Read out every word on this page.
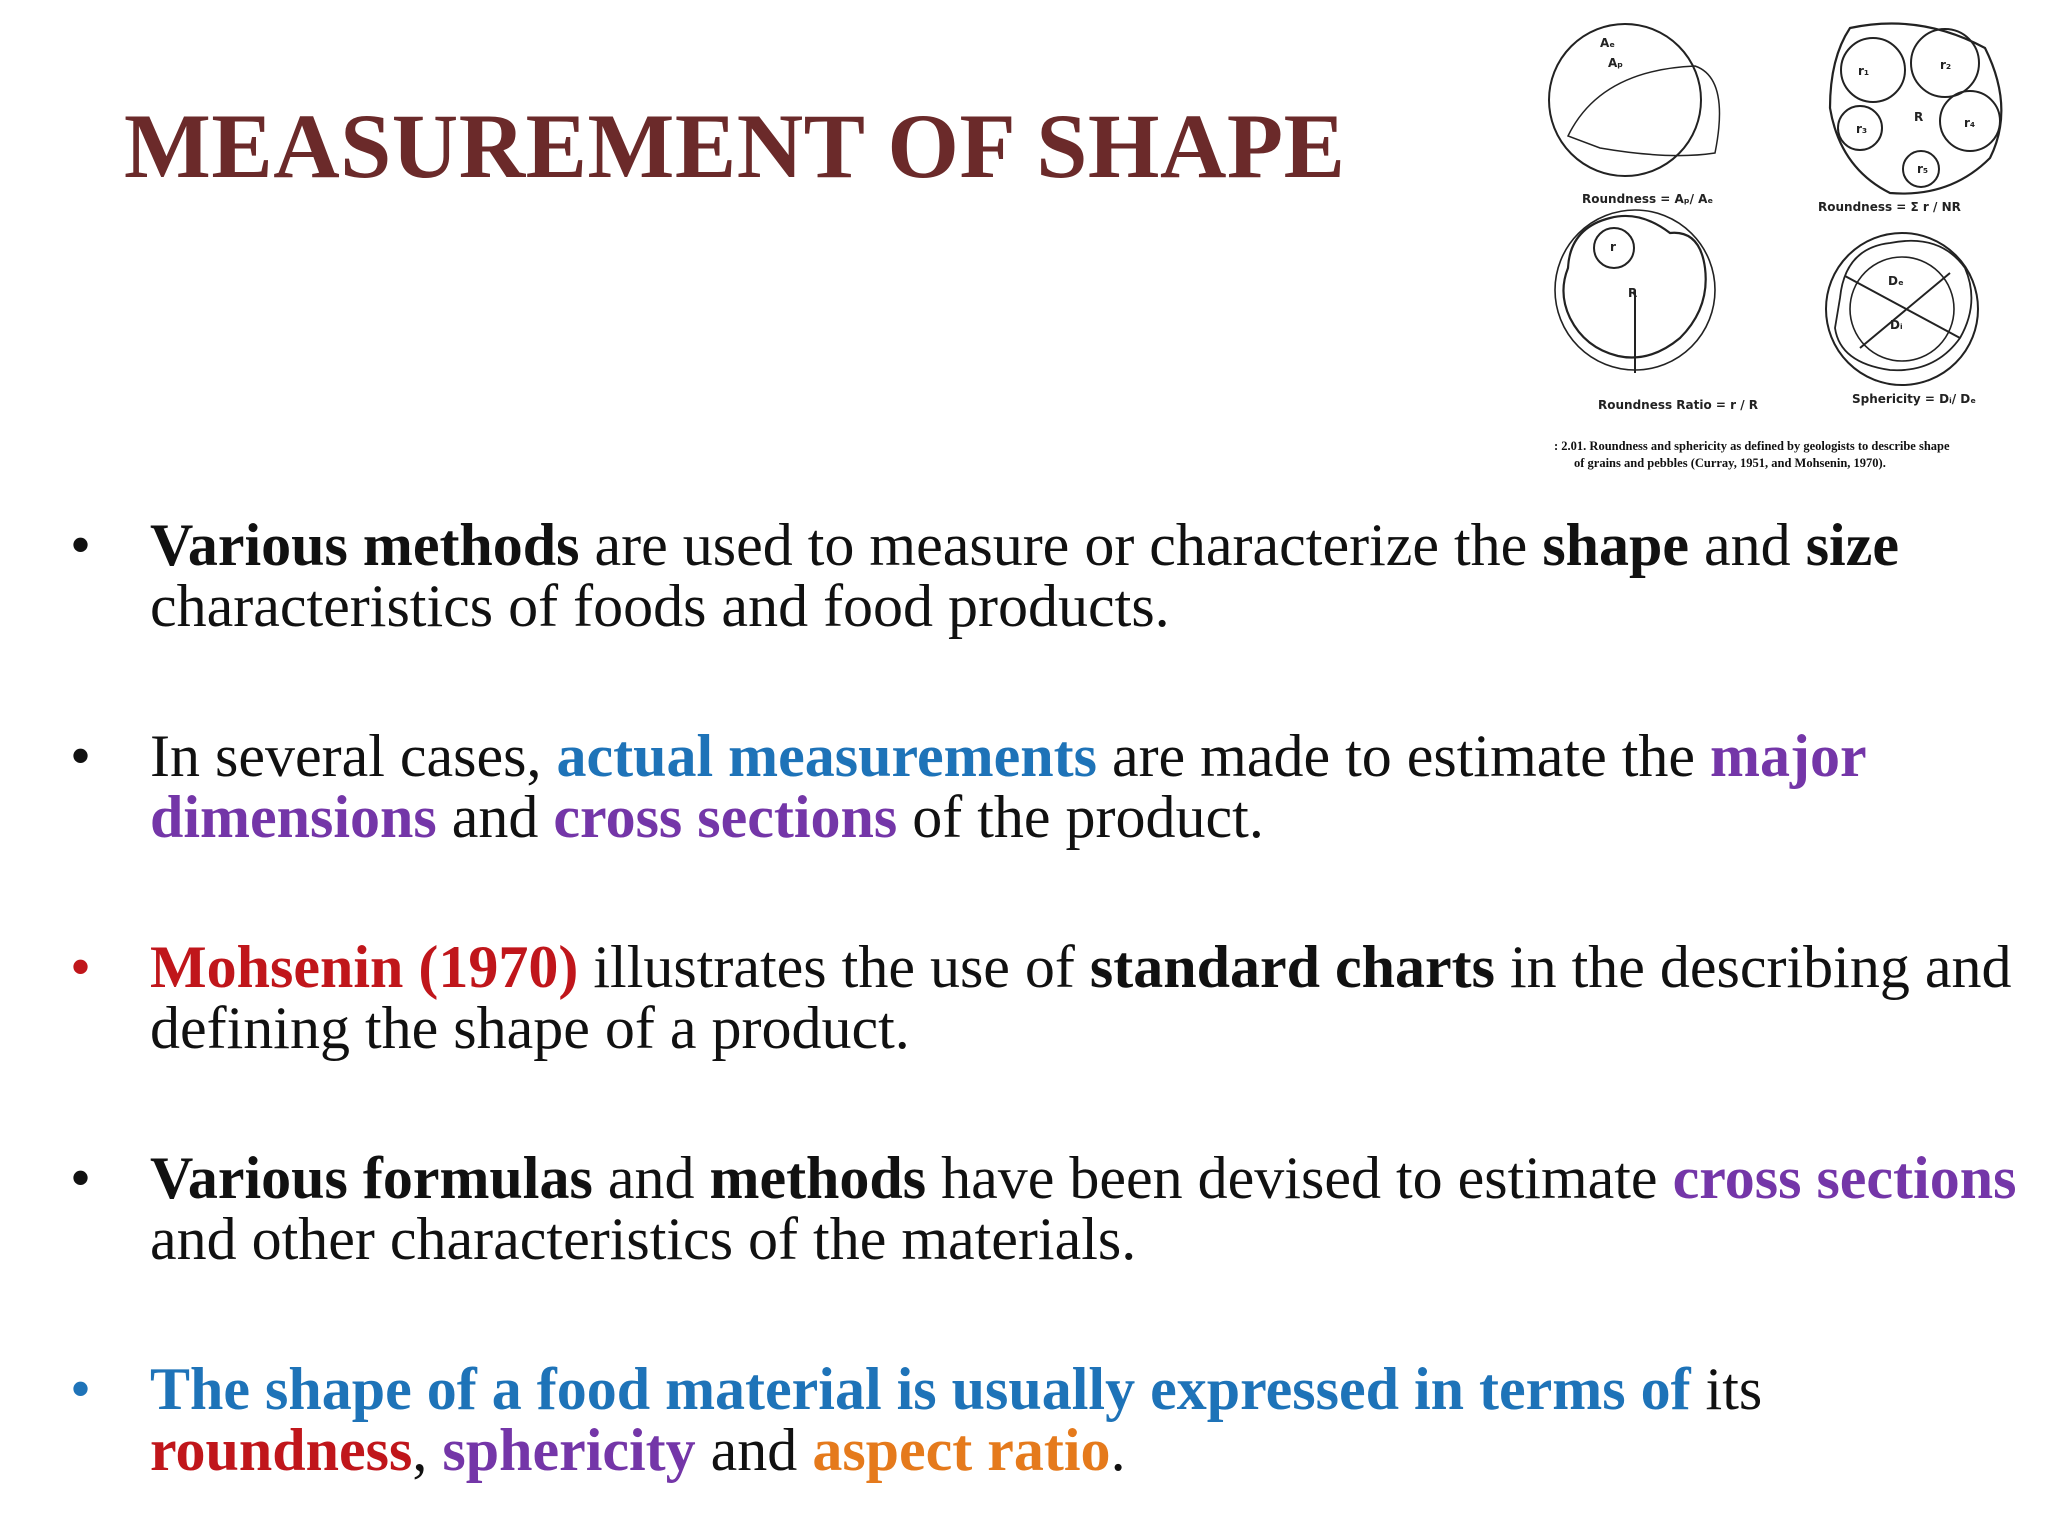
MEASUREMENT OF SHAPE
Aₑ
Aₚ
r₁	r₂
r₃	r₄
r₅
R
r
R
Dₑ
Dᵢ
Roundness = Aₚ/ Aₑ
Roundness = Σ r / NR
Roundness Ratio = r / R	Sphericity = Dᵢ/ Dₑ
: 2.01. Roundness and sphericity as defined by geologists to describe shape
of grains and pebbles (Curray, 1951, and Mohsenin, 1970).
• Various methods are used to measure or characterize the shape and size characteristics of foods and food products.
• In several cases, actual measurements are made to estimate the major dimensions and cross sections of the product.
• Mohsenin (1970) illustrates the use of standard charts in the describing and defining the shape of a product.
• Various formulas and methods have been devised to estimate cross sections and other characteristics of the materials.
• The shape of a food material is usually expressed in terms of its roundness, sphericity and aspect ratio.
